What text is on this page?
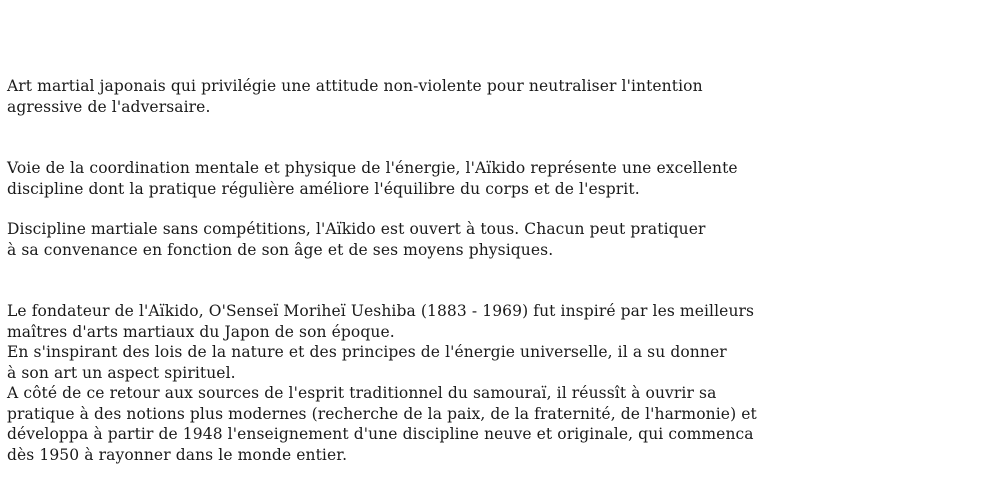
Art martial japonais qui privilégie une attitude non-violente pour neutraliser l'intention
agressive de l'adversaire.

Voie de la coordination mentale et physique de l'énergie, l'Aïkido représente une excellente
discipline dont la pratique régulière améliore l'équilibre du corps et de l'esprit.

Discipline martiale sans compétitions, l'Aïkido est ouvert à tous. Chacun peut pratiquer
à sa convenance en fonction de son âge et de ses moyens physiques.

Le fondateur de l'Aïkido, O'Senseï Moriheï Ueshiba (1883 - 1969) fut inspiré par les meilleurs
maîtres d'arts martiaux du Japon de son époque.
En s'inspirant des lois de la nature et des principes de l'énergie universelle, il a su donner
à son art un aspect spirituel.
A côté de ce retour aux sources de l'esprit traditionnel du samouraï, il réussît à ouvrir sa
pratique à des notions plus modernes (recherche de la paix, de la fraternité, de l'harmonie) et
développa à partir de 1948 l'enseignement d'une discipline neuve et originale, qui commenca
dès 1950 à rayonner dans le monde entier.
